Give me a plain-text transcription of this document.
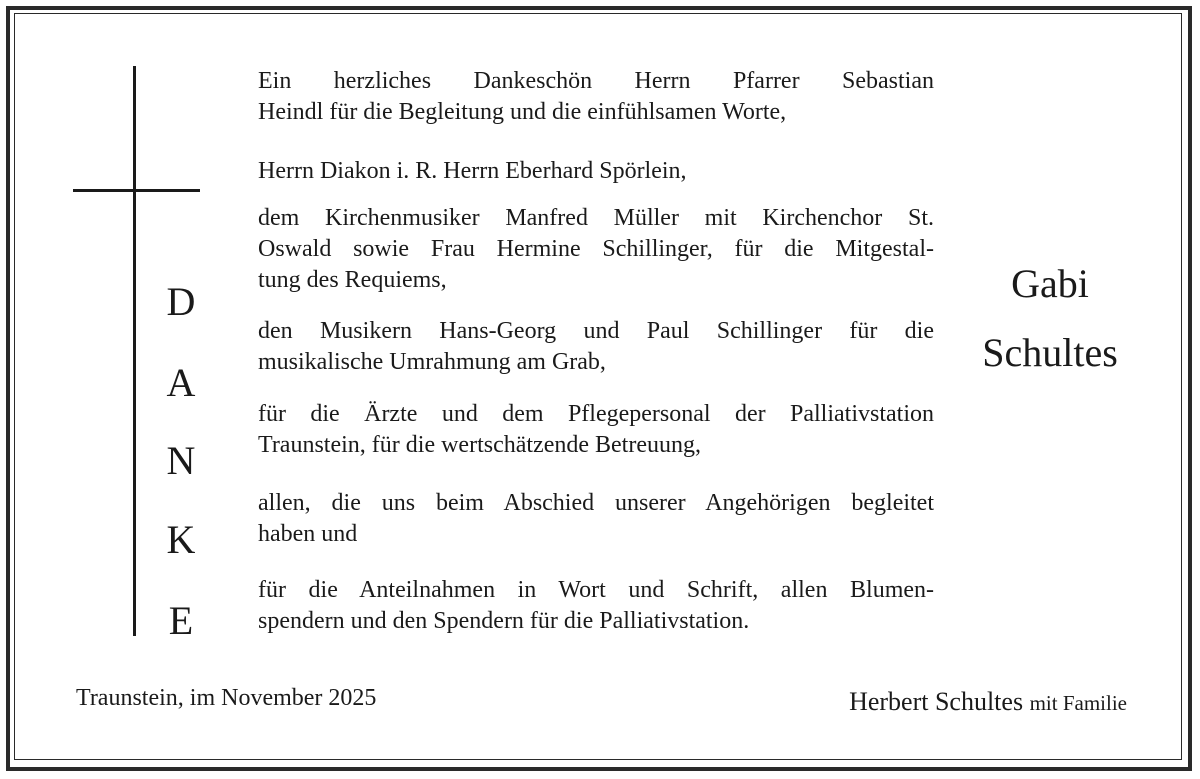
D
A
N
K
E

Ein herzliches Dankeschön Herrn Pfarrer Sebastian
Heindl für die Begleitung und die einfühlsamen Worte,

Herrn Diakon i. R. Herrn Eberhard Spörlein,

dem Kirchenmusiker Manfred Müller mit Kirchenchor St.
Oswald sowie Frau Hermine Schillinger, für die Mitgestal-
tung des Requiems,

den Musikern Hans-Georg und Paul Schillinger für die
musikalische Umrahmung am Grab,

für die Ärzte und dem Pflegepersonal der Palliativstation
Traunstein, für die wertschätzende Betreuung,

allen, die uns beim Abschied unserer Angehörigen begleitet
haben und

für die Anteilnahmen in Wort und Schrift, allen Blumen-
spendern und den Spendern für die Palliativstation.

Gabi
Schultes
Traunstein, im November 2025	Herbert Schultes mit Familie
